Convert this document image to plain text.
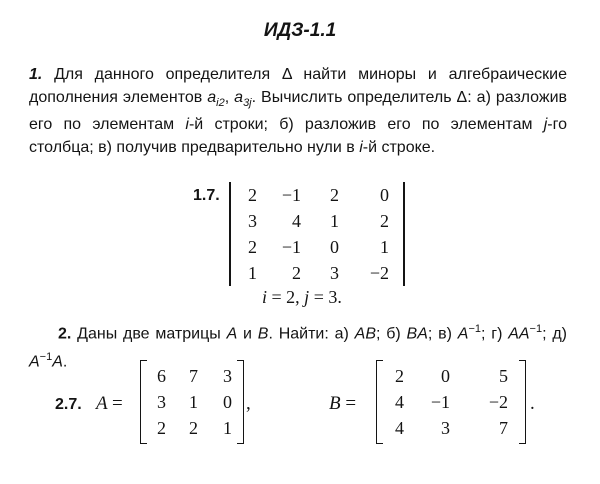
ИДЗ-1.1
1. Для данного определителя Δ найти миноры и алгебраические дополнения элементов $a_{i2}$, $a_{3j}$. Вычислить определитель Δ: а) разложив его по элементам i-й строки; б) разложив его по элементам j-го столбца; в) получив предварительно нули в i-й строке.
1.7.	2	−1	2	0
3	4	1	2
2	−1	0	1
1	2	3	−2
i = 2, j = 3.
2. Даны две матрицы A и B. Найти: а) AB; б) BA; в) $A^{-1}$; г) $AA^{-1}$; д) $A^{-1}A$.
2.7. A =
6	7	3
3	1	0
2	2	1
,	B =
2	0	5
4	−1	−2
4	3	7
.
